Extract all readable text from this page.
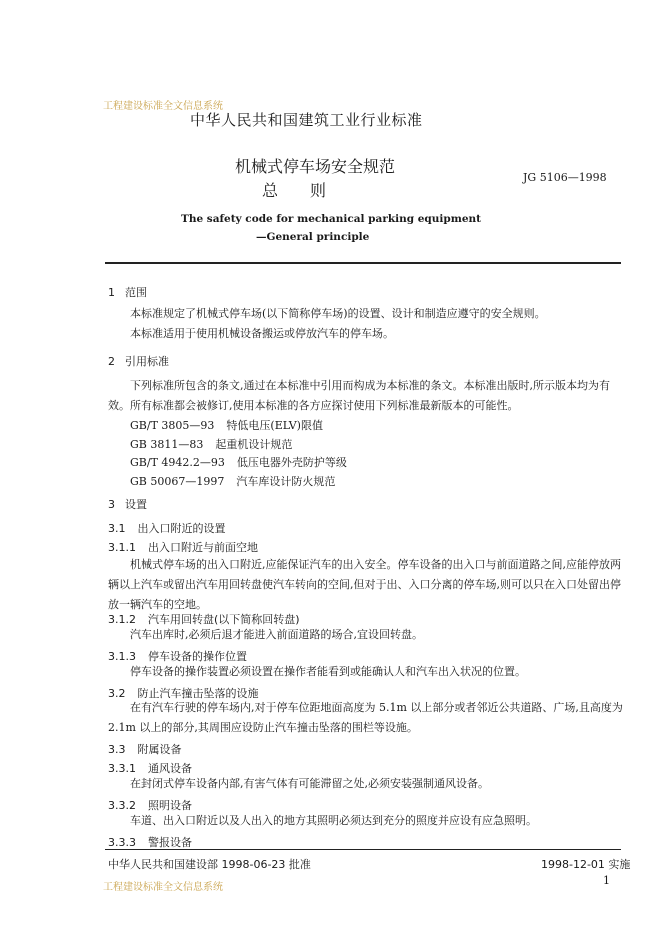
工程建设标准全文信息系统
中华人民共和国建筑工业行业标准
机械式停车场安全规范
总　　则
JG 5106—1998
The safety code for mechanical parking equipment
—General principle
1 范围
本标准规定了机械式停车场(以下简称停车场)的设置、设计和制造应遵守的安全规则。
本标准适用于使用机械设备搬运或停放汽车的停车场。
2 引用标准
下列标准所包含的条文,通过在本标准中引用而构成为本标准的条文。本标准出版时,所示版本均为有效。所有标准都会被修订,使用本标准的各方应探讨使用下列标准最新版本的可能性。
GB/T 3805—93 特低电压(ELV)限值
GB 3811—83 起重机设计规范
GB/T 4942.2—93 低压电器外壳防护等级
GB 50067—1997 汽车库设计防火规范
3 设置
3.1 出入口附近的设置
3.1.1 出入口附近与前面空地
机械式停车场的出入口附近,应能保证汽车的出入安全。停车设备的出入口与前面道路之间,应能停放两辆以上汽车或留出汽车用回转盘使汽车转向的空间,但对于出、入口分离的停车场,则可以只在入口处留出停放一辆汽车的空地。
3.1.2 汽车用回转盘(以下简称回转盘)
汽车出库时,必须后退才能进入前面道路的场合,宜设回转盘。
3.1.3 停车设备的操作位置
停车设备的操作装置必须设置在操作者能看到或能确认人和汽车出入状况的位置。
3.2 防止汽车撞击坠落的设施
在有汽车行驶的停车场内,对于停车位距地面高度为 5.1m 以上部分或者邻近公共道路、广场,且高度为 2.1m 以上的部分,其周围应设防止汽车撞击坠落的围栏等设施。
3.3 附属设备
3.3.1 通风设备
在封闭式停车设备内部,有害气体有可能滞留之处,必须安装强制通风设备。
3.3.2 照明设备
车道、出入口附近以及人出入的地方其照明必须达到充分的照度并应设有应急照明。
3.3.3 警报设备
中华人民共和国建设部 1998-06-23 批准	1998-12-01 实施
工程建设标准全文信息系统
1
